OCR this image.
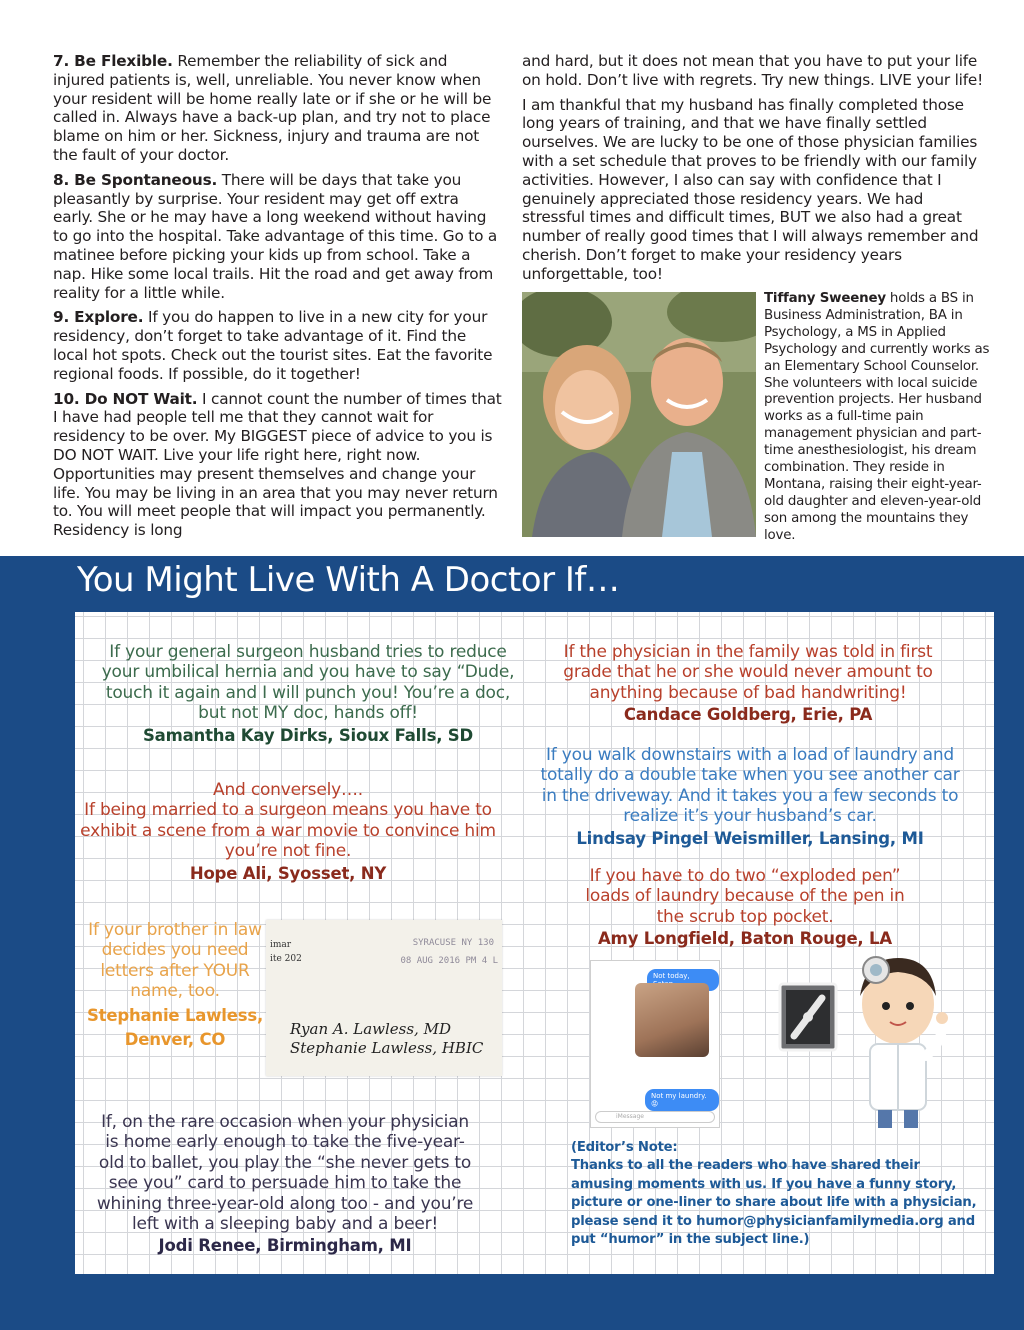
7. Be Flexible. Remember the reliability of sick and injured patients is, well, unreliable. You never know when your resident will be home really late or if she or he will be called in. Always have a back-up plan, and try not to place blame on him or her. Sickness, injury and trauma are not the fault of your doctor.

8. Be Spontaneous. There will be days that take you pleasantly by surprise. Your resident may get off extra early. She or he may have a long weekend without having to go into the hospital. Take advantage of this time. Go to a matinee before picking your kids up from school. Take a nap. Hike some local trails. Hit the road and get away from reality for a little while.

9. Explore. If you do happen to live in a new city for your residency, don’t forget to take advantage of it. Find the local hot spots. Check out the tourist sites. Eat the favorite regional foods. If possible, do it together!

10. Do NOT Wait. I cannot count the number of times that I have had people tell me that they cannot wait for residency to be over. My BIGGEST piece of advice to you is DO NOT WAIT. Live your life right here, right now. Opportunities may present themselves and change your life. You may be living in an area that you may never return to. You will meet people that will impact you permanently. Residency is long

and hard, but it does not mean that you have to put your life on hold. Don’t live with regrets. Try new things. LIVE your life!

I am thankful that my husband has finally completed those long years of training, and that we have finally settled ourselves. We are lucky to be one of those physician families with a set schedule that proves to be friendly with our family activities. However, I also can say with confidence that I genuinely appreciated those residency years. We had stressful times and difficult times, BUT we also had a great number of really good times that I will always remember and cherish. Don’t forget to make your residency years unforgettable, too!

Tiffany Sweeney holds a BS in Business Administration, BA in Psychology, a MS in Applied Psychology and currently works as an Elementary School Counselor. She volunteers with local suicide prevention projects. Her husband works as a full-time pain management physician and part-time anesthesiologist, his dream combination. They reside in Montana, raising their eight-year-old daughter and eleven-year-old son among the mountains they love.

You Might Live With A Doctor If…
If your general surgeon husband tries to reduce your umbilical hernia and you have to say “Dude, touch it again and I will punch you! You’re a doc, but not MY doc, hands off!
Samantha Kay Dirks, Sioux Falls, SD
If the physician in the family was told in first grade that he or she would never amount to anything because of bad handwriting!
Candace Goldberg, Erie, PA
If you walk downstairs with a load of laundry and totally do a double take when you see another car in the driveway. And it takes you a few seconds to realize it’s your husband’s car.
Lindsay Pingel Weismiller, Lansing, MI
And conversely….
If being married to a surgeon means you have to exhibit a scene from a war movie to convince him you’re not fine.
Hope Ali, Syosset, NY	If you have to do two “exploded pen” loads of laundry because of the pen in the scrub top pocket.
Amy Longfield, Baton Rouge, LA
If your brother in law decides you need letters after YOUR name, too.
Stephanie Lawless,
Denver, CO
imar
ite 202
SYRACUSE NY 130
08 AUG 2016 PM 4 L
Ryan A. Lawless, MD
Stephanie Lawless, HBIC
If, on the rare occasion when your physician is home early enough to take the five-year-old to ballet, you play the “she never gets to see you” card to persuade him to take the whining three-year-old along too - and you’re left with a sleeping baby and a beer!
Jodi Renee, Birmingham, MI
Not today,
Not my laundry. 😡
iMessage
(Editor’s Note:
Thanks to all the readers who have shared their amusing moments with us. If you have a funny story, picture or one-liner to share about life with a physician, please send it to humor@physicianfamilymedia.org and put “humor” in the subject line.)
